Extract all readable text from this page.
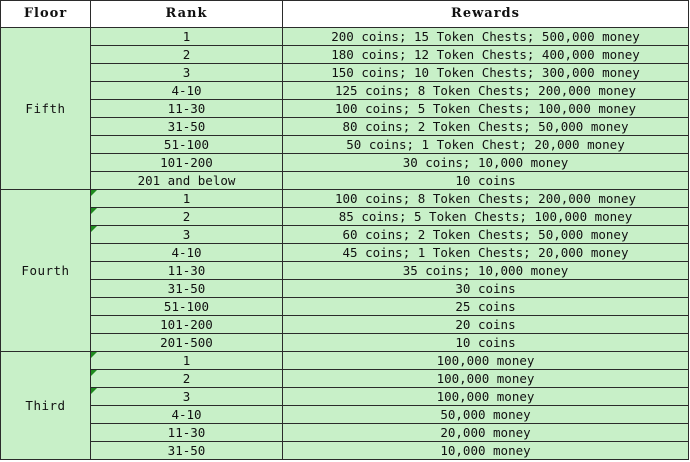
Floor	Rank	Rewards
Fifth	1	200 coins; 15 Token Chests; 500,000 money
	2	180 coins; 12 Token Chests; 400,000 money
	3	150 coins; 10 Token Chests; 300,000 money
	4-10	125 coins; 8 Token Chests; 200,000 money
	11-30	100 coins; 5 Token Chests; 100,000 money
	31-50	80 coins; 2 Token Chests; 50,000 money
	51-100	50 coins; 1 Token Chest; 20,000 money
	101-200	30 coins; 10,000 money
	201 and below	10 coins
Fourth	1	100 coins; 8 Token Chests; 200,000 money
	2	85 coins; 5 Token Chests; 100,000 money
	3	60 coins; 2 Token Chests; 50,000 money
	4-10	45 coins; 1 Token Chests; 20,000 money
	11-30	35 coins; 10,000 money
	31-50	30 coins
	51-100	25 coins
	101-200	20 coins
	201-500	10 coins
Third	1	100,000 money
	2	100,000 money
	3	100,000 money
	4-10	50,000 money
	11-30	20,000 money
	31-50	10,000 money
